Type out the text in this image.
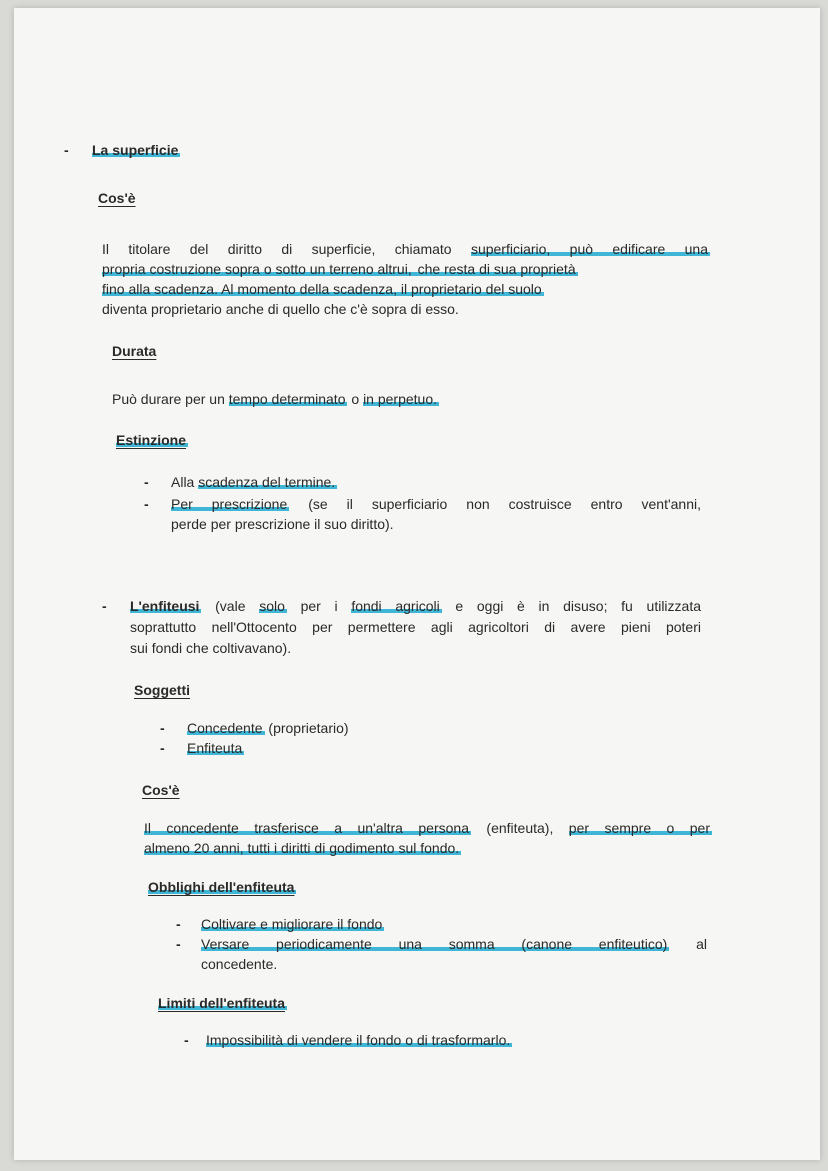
- La superficie
Cos'è
Il titolare del diritto di superficie, chiamato superficiario, può edificare una
propria costruzione sopra o sotto un terreno altrui, che resta di sua proprietà
fino alla scadenza. Al momento della scadenza, il proprietario del suolo
diventa proprietario anche di quello che c'è sopra di esso.
Durata
Può durare per un tempo determinato o in perpetuo.
Estinzione
- Alla scadenza del termine.
- Per prescrizione (se il superficiario non costruisce entro vent'anni,
perde per prescrizione il suo diritto).
- L'enfiteusi (vale solo per i fondi agricoli e oggi è in disuso; fu utilizzata
soprattutto nell'Ottocento per permettere agli agricoltori di avere pieni poteri
sui fondi che coltivavano).
Soggetti
- Concedente (proprietario)
- Enfiteuta
Cos'è
Il concedente trasferisce a un'altra persona (enfiteuta), per sempre o per
almeno 20 anni, tutti i diritti di godimento sul fondo.
Obblighi dell'enfiteuta
- Coltivare e migliorare il fondo
- Versare periodicamente una somma (canone enfiteutico) al
concedente.
Limiti dell'enfiteuta
- Impossibilità di vendere il fondo o di trasformarlo.
